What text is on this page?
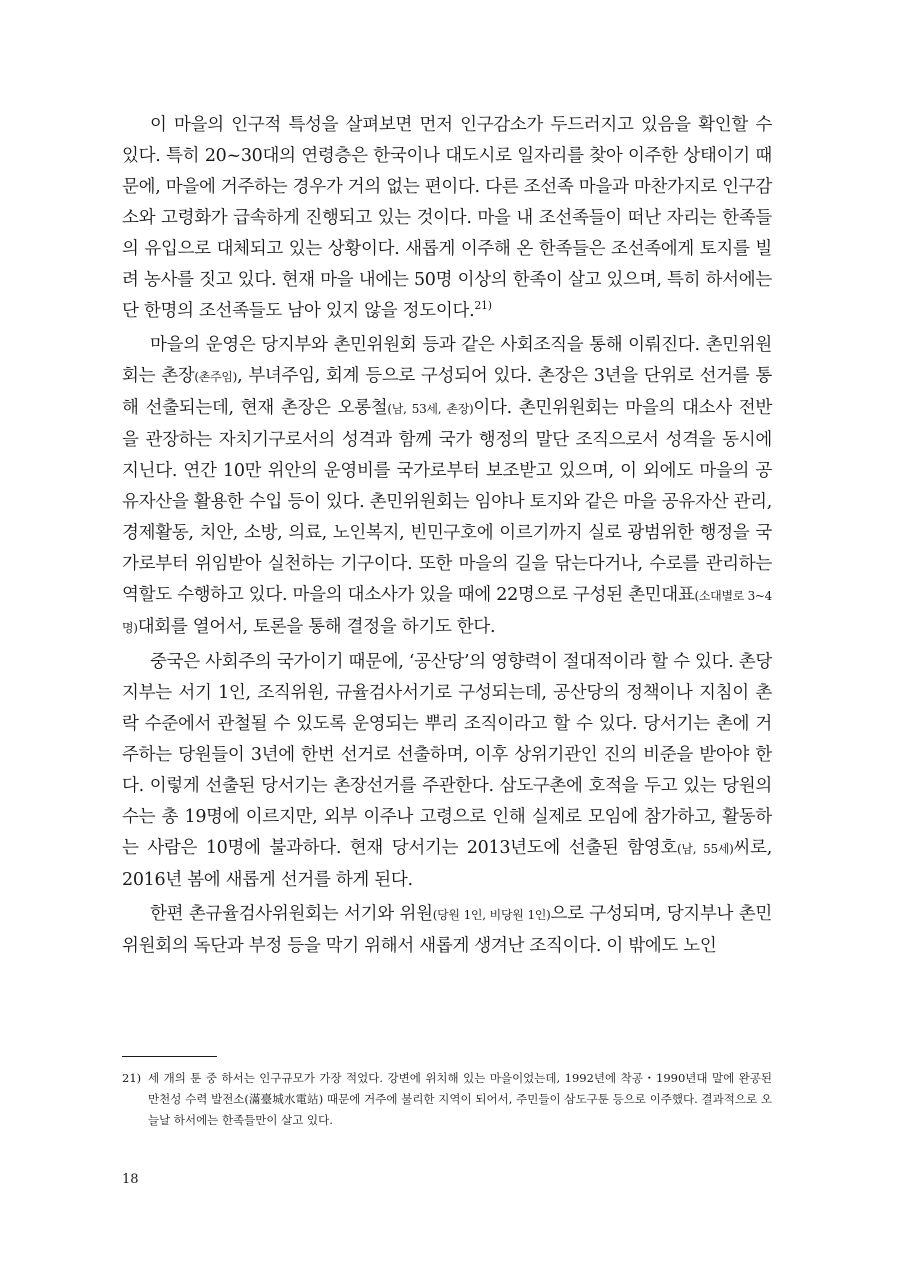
이 마을의 인구적 특성을 살펴보면 먼저 인구감소가 두드러지고 있음을 확인할 수 있다. 특히 20~30대의 연령층은 한국이나 대도시로 일자리를 찾아 이주한 상태이기 때문에, 마을에 거주하는 경우가 거의 없는 편이다. 다른 조선족 마을과 마찬가지로 인구감소와 고령화가 급속하게 진행되고 있는 것이다. 마을 내 조선족들이 떠난 자리는 한족들의 유입으로 대체되고 있는 상황이다. 새롭게 이주해 온 한족들은 조선족에게 토지를 빌려 농사를 짓고 있다. 현재 마을 내에는 50명 이상의 한족이 살고 있으며, 특히 하서에는 단 한명의 조선족들도 남아 있지 않을 정도이다.$^{21)}$

마을의 운영은 당지부와 촌민위원회 등과 같은 사회조직을 통해 이뤄진다. 촌민위원회는 촌장(촌주임), 부녀주임, 회계 등으로 구성되어 있다. 촌장은 3년을 단위로 선거를 통해 선출되는데, 현재 촌장은 오롱철(남, 53세, 촌장)이다. 촌민위원회는 마을의 대소사 전반을 관장하는 자치기구로서의 성격과 함께 국가 행정의 말단 조직으로서 성격을 동시에 지닌다. 연간 10만 위안의 운영비를 국가로부터 보조받고 있으며, 이 외에도 마을의 공유자산을 활용한 수입 등이 있다. 촌민위원회는 임야나 토지와 같은 마을 공유자산 관리, 경제활동, 치안, 소방, 의료, 노인복지, 빈민구호에 이르기까지 실로 광범위한 행정을 국가로부터 위임받아 실천하는 기구이다. 또한 마을의 길을 닦는다거나, 수로를 관리하는 역할도 수행하고 있다. 마을의 대소사가 있을 때에 22명으로 구성된 촌민대표(소대별로 3~4명)대회를 열어서, 토론을 통해 결정을 하기도 한다.

중국은 사회주의 국가이기 때문에, ‘공산당’의 영향력이 절대적이라 할 수 있다. 촌당지부는 서기 1인, 조직위원, 규율검사서기로 구성되는데, 공산당의 정책이나 지침이 촌락 수준에서 관철될 수 있도록 운영되는 뿌리 조직이라고 할 수 있다. 당서기는 촌에 거주하는 당원들이 3년에 한번 선거로 선출하며, 이후 상위기관인 진의 비준을 받아야 한다. 이렇게 선출된 당서기는 촌장선거를 주관한다. 삼도구촌에 호적을 두고 있는 당원의 수는 총 19명에 이르지만, 외부 이주나 고령으로 인해 실제로 모임에 참가하고, 활동하는 사람은 10명에 불과하다. 현재 당서기는 2013년도에 선출된 함영호(남, 55세)씨로, 2016년 봄에 새롭게 선거를 하게 된다.

한편 촌규율검사위원회는 서기와 위원(당원 1인, 비당원 1인)으로 구성되며, 당지부나 촌민위원회의 독단과 부정 등을 막기 위해서 새롭게 생겨난 조직이다. 이 밖에도 노인

21) 세 개의 툰 중 하서는 인구규모가 가장 적었다. 강변에 위치해 있는 마을이었는데, 1992년에 착공・1990년대 말에 완공된 만천성 수력 발전소(滿臺城水電站) 때문에 거주에 불리한 지역이 되어서, 주민들이 삼도구툰 등으로 이주했다. 결과적으로 오늘날 하서에는 한족들만이 살고 있다.
18
